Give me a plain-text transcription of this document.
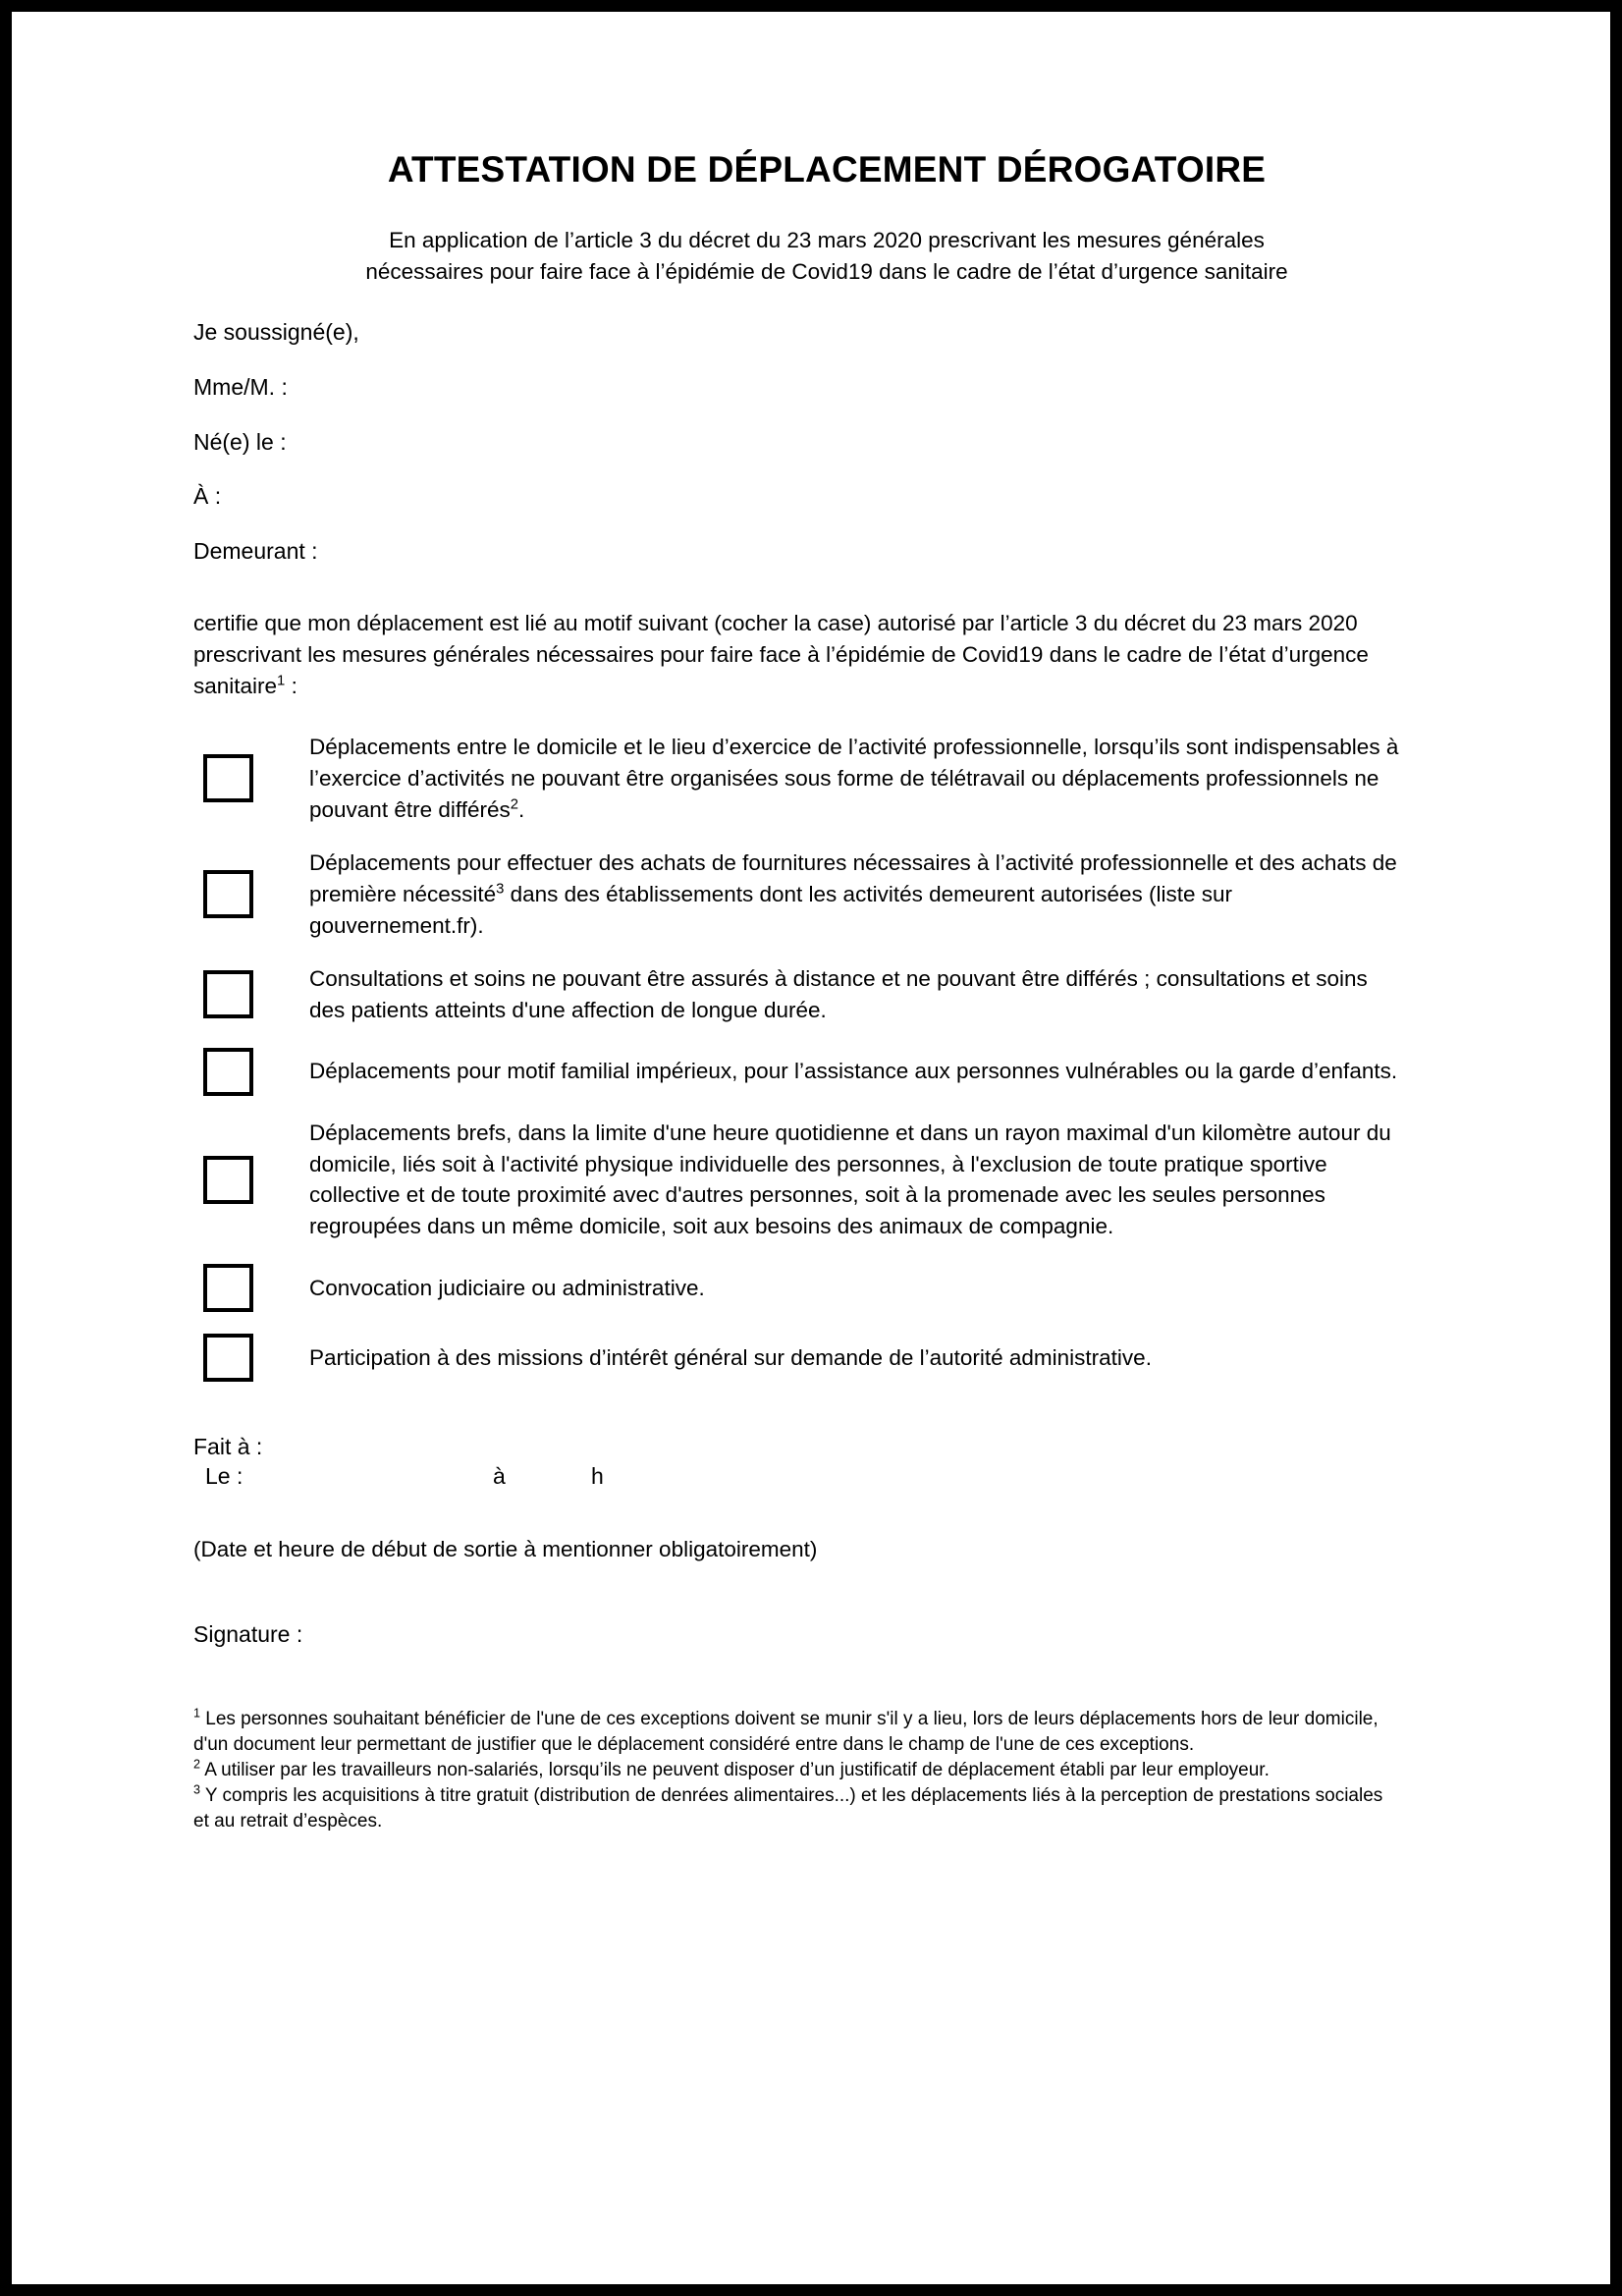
ATTESTATION DE DÉPLACEMENT DÉROGATOIRE

En application de l’article 3 du décret du 23 mars 2020 prescrivant les mesures générales
nécessaires pour faire face à l’épidémie de Covid19 dans le cadre de l’état d’urgence sanitaire

Je soussigné(e),

Mme/M. :

Né(e) le :

À :

Demeurant :

certifie que mon déplacement est lié au motif suivant (cocher la case) autorisé par l’article 3 du décret du 23 mars 2020 prescrivant les mesures générales nécessaires pour faire face à l’épidémie de Covid19 dans le cadre de l’état d’urgence sanitaire$^1$ :

Déplacements entre le domicile et le lieu d’exercice de l’activité professionnelle, lorsqu’ils sont indispensables à l’exercice d’activités ne pouvant être organisées sous forme de télétravail ou déplacements professionnels ne pouvant être différés$^2$.
Déplacements pour effectuer des achats de fournitures nécessaires à l’activité professionnelle et des achats de première nécessité$^3$ dans des établissements dont les activités demeurent autorisées (liste sur gouvernement.fr).
Consultations et soins ne pouvant être assurés à distance et ne pouvant être différés ; consultations et soins des patients atteints d'une affection de longue durée.
Déplacements pour motif familial impérieux, pour l’assistance aux personnes vulnérables ou la garde d’enfants.
Déplacements brefs, dans la limite d'une heure quotidienne et dans un rayon maximal d'un kilomètre autour du domicile, liés soit à l'activité physique individuelle des personnes, à l'exclusion de toute pratique sportive collective et de toute proximité avec d'autres personnes, soit à la promenade avec les seules personnes regroupées dans un même domicile, soit aux besoins des animaux de compagnie.
Convocation judiciaire ou administrative.
Participation à des missions d’intérêt général sur demande de l’autorité administrative.

Fait à :

Le :	à	h

(Date et heure de début de sortie à mentionner obligatoirement)

Signature :

$^1$ Les personnes souhaitant bénéficier de l'une de ces exceptions doivent se munir s'il y a lieu, lors de leurs déplacements hors de leur domicile, d'un document leur permettant de justifier que le déplacement considéré entre dans le champ de l'une de ces exceptions.

$^2$ A utiliser par les travailleurs non-salariés, lorsqu’ils ne peuvent disposer d’un justificatif de déplacement établi par leur employeur.

$^3$ Y compris les acquisitions à titre gratuit (distribution de denrées alimentaires...) et les déplacements liés à la perception de prestations sociales et au retrait d’espèces.
